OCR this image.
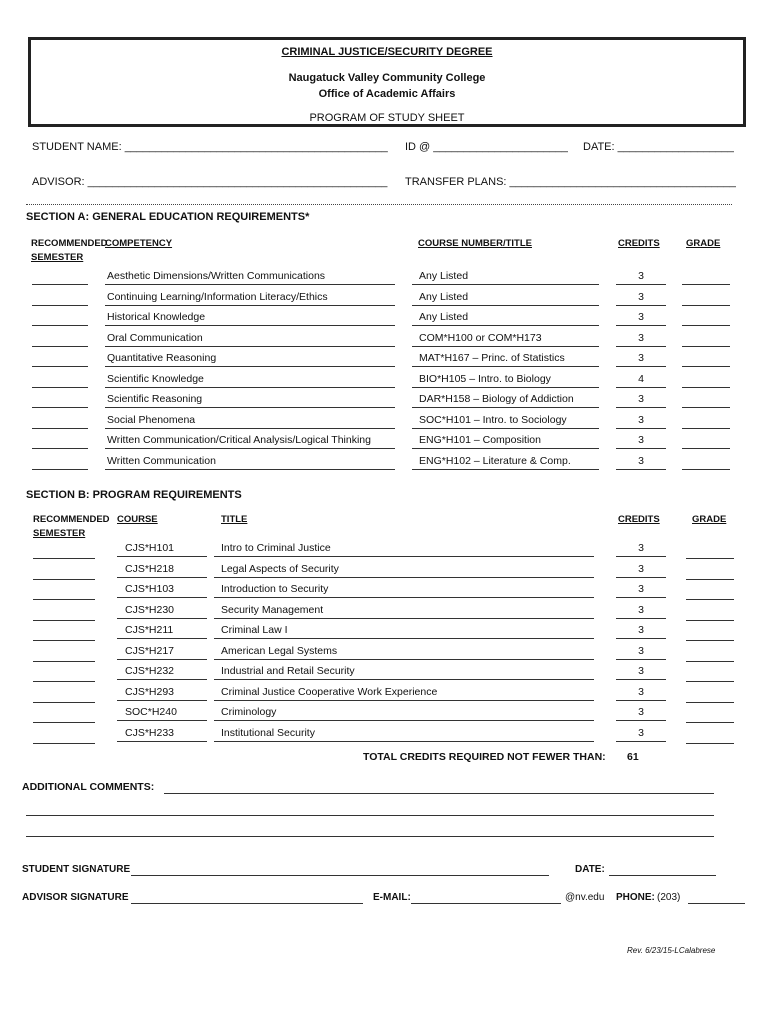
CRIMINAL JUSTICE/SECURITY DEGREE
Naugatuck Valley Community College
Office of Academic Affairs
PROGRAM OF STUDY SHEET
STUDENT NAME: ___________________________________________ ID @ ______________________ DATE: ___________________
ADVISOR: _________________________________________________ TRANSFER PLANS: _____________________________________
SECTION A: GENERAL EDUCATION REQUIREMENTS*
RECOMMENDED
SEMESTER
COMPETENCY	COURSE NUMBER/TITLE	CREDITS	GRADE
Aesthetic Dimensions/Written Communications	Any Listed	3
Continuing Learning/Information Literacy/Ethics	Any Listed	3
Historical Knowledge	Any Listed	3
Oral Communication	COM*H100 or COM*H173	3
Quantitative Reasoning	MAT*H167 – Princ. of Statistics	3
Scientific Knowledge	BIO*H105 – Intro. to Biology	4
Scientific Reasoning	DAR*H158 – Biology of Addiction	3
Social Phenomena	SOC*H101 – Intro. to Sociology	3
Written Communication/Critical Analysis/Logical Thinking	ENG*H101 – Composition	3
Written Communication	ENG*H102 – Literature & Comp.	3
SECTION B: PROGRAM REQUIREMENTS
RECOMMENDED
SEMESTER
COURSE	TITLE	CREDITS	GRADE
CJS*H101	Intro to Criminal Justice	3
CJS*H218	Legal Aspects of Security	3
CJS*H103	Introduction to Security	3
CJS*H230	Security Management	3
CJS*H211	Criminal Law I	3
CJS*H217	American Legal Systems	3
CJS*H232	Industrial and Retail Security	3
CJS*H293	Criminal Justice Cooperative Work Experience	3
SOC*H240	Criminology	3
CJS*H233	Institutional Security	3
TOTAL CREDITS REQUIRED NOT FEWER THAN: 61
ADDITIONAL COMMENTS:
STUDENT SIGNATURE	DATE:
ADVISOR SIGNATURE	E-MAIL:	@nv.edu PHONE: (203)
Rev. 6/23/15-LCalabrese
